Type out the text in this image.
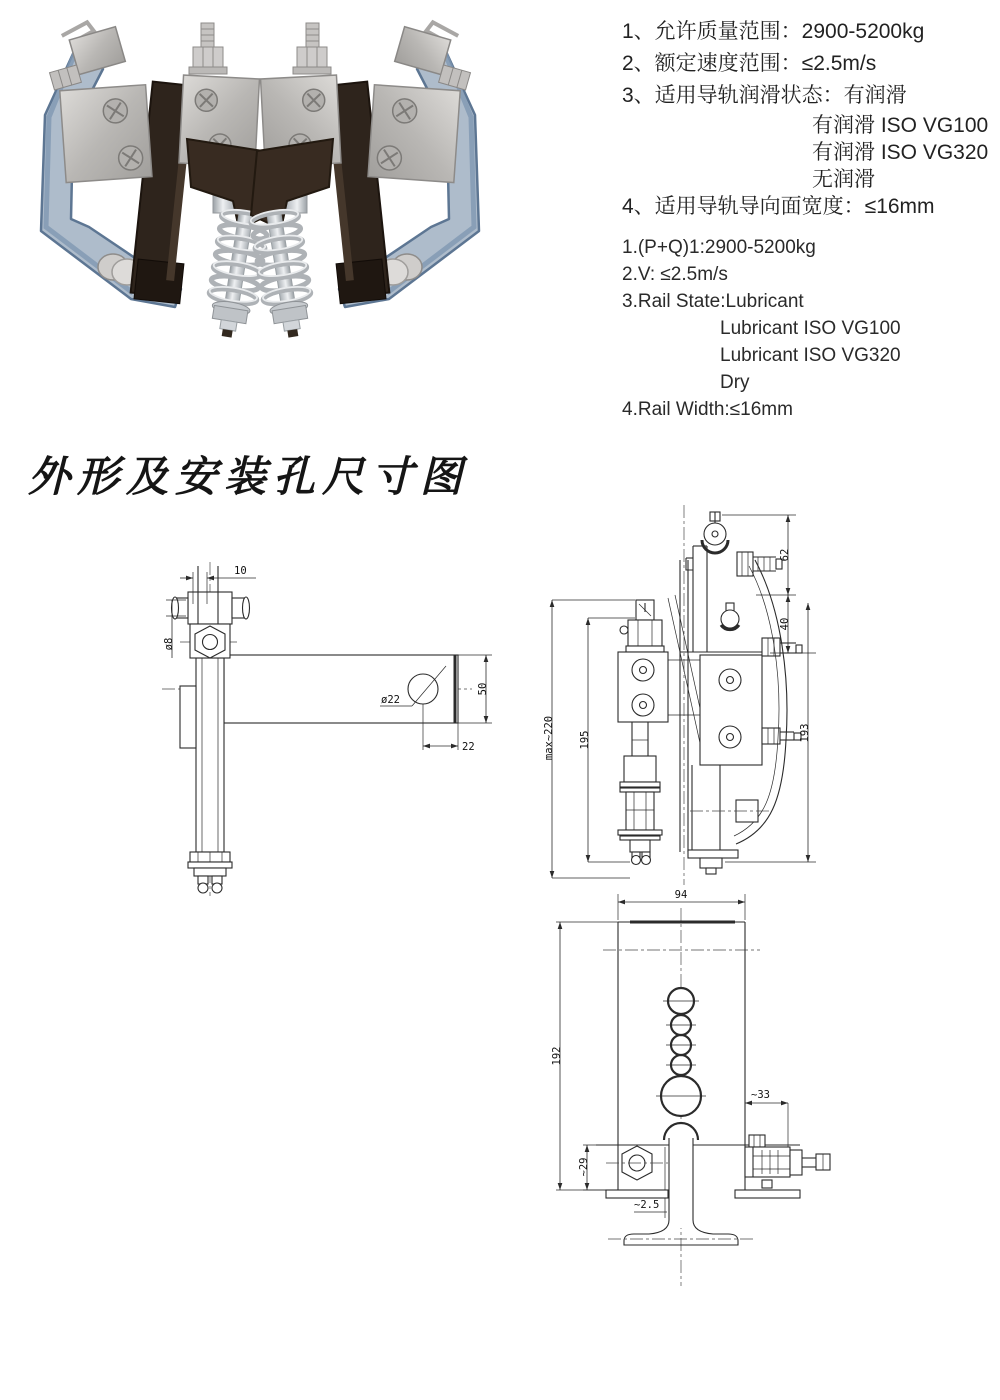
1、允许质量范围：2900-5200kg
2、额定速度范围：≤2.5m/s
3、适用导轨润滑状态：有润滑
有润滑 ISO VG100
有润滑 ISO VG320
无润滑
4、适用导轨导向面宽度：≤16mm
1.(P+Q)1:2900-5200kg
2.V: ≤2.5m/s
3.Rail State:Lubricant
Lubricant ISO VG100
Lubricant ISO VG320
Dry
4.Rail Width:≤16mm
外形及安装孔尺寸图
10
ø8
ø22
50
22
62
40
193
max~220 195
94
192
~33
~29
~2.5
